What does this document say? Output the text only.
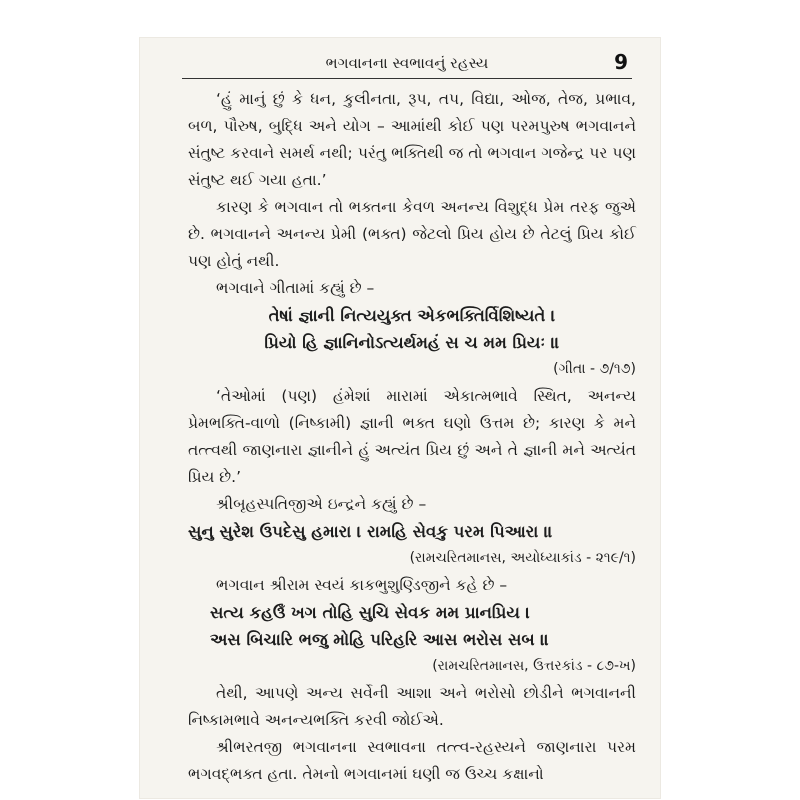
ભગવાનના સ્વભાવનું રહસ્ય	9

‘હું માનું છું કે ધન, કુલીનતા, રૂપ, તપ, વિદ્યા, ઓજ, તેજ, પ્રભાવ, બળ, પૌરુષ, બુદ્ધિ અને યોગ – આમાંથી કોઈ પણ પરમપુરુષ ભગવાનને સંતુષ્ટ કરવાને સમર્થ નથી; પરંતુ ભક્તિથી જ તો ભગવાન ગજેન્દ્ર પર પણ સંતુષ્ટ થઈ ગયા હતા.’

કારણ કે ભગવાન તો ભક્તના કેવળ અનન્ય વિશુદ્ધ પ્રેમ તરફ જુએ છે. ભગવાનને અનન્ય પ્રેમી (ભક્ત) જેટલો પ્રિય હોય છે તેટલું પ્રિય કોઈ પણ હોતું નથી.

ભગવાને ગીતામાં કહ્યું છે –

તેષાં જ્ઞાની નિત્યયુક્ત એકભક્તિર્વિશિષ્યતે ।

પ્રિયો હિ જ્ઞાનિનોઽત્યર્થમહં સ ચ મમ પ્રિયઃ ॥

(ગીતા - ૭/૧૭)

‘તેઓમાં (પણ) હંમેશાં મારામાં એકાત્મભાવે સ્થિત, અનન્ય પ્રેમભક્તિ-વાળો (નિષ્કામી) જ્ઞાની ભક્ત ઘણો ઉત્તમ છે; કારણ કે મને તત્ત્વથી જાણનારા જ્ઞાનીને હું અત્યંત પ્રિય છું અને તે જ્ઞાની મને અત્યંત પ્રિય છે.’

શ્રીબૃહસ્પતિજીએ ઇન્દ્રને કહ્યું છે –

સુનુ સુરેશ ઉપદેસુ હમારા । રામહિ સેવકુ પરમ પિઆરા ॥

(રામચરિતમાનસ, અયોધ્યાકાંડ - ૨૧૯/૧)

ભગવાન શ્રીરામ સ્વયં કાકભુશુણ્ડિજીને કહે છે –

સત્ય કહઉઁ ખગ તોહિ સુચિ સેવક મમ પ્રાનપ્રિય ।

અસ બિચારિ ભજુ મોહિ પરિહરિ આસ ભરોસ સબ ॥

(રામચરિતમાનસ, ઉત્તરકાંડ - ૮૭-ખ)

તેથી, આપણે અન્ય સર્વેની આશા અને ભરોસો છોડીને ભગવાનની નિષ્કામભાવે અનન્યભક્તિ કરવી જોઈએ.

શ્રીભરતજી ભગવાનના સ્વભાવના તત્ત્વ-રહસ્યને જાણનારા પરમ ભગવદ્ભક્ત હતા. તેમનો ભગવાનમાં ઘણી જ ઉચ્ચ કક્ષાનો
